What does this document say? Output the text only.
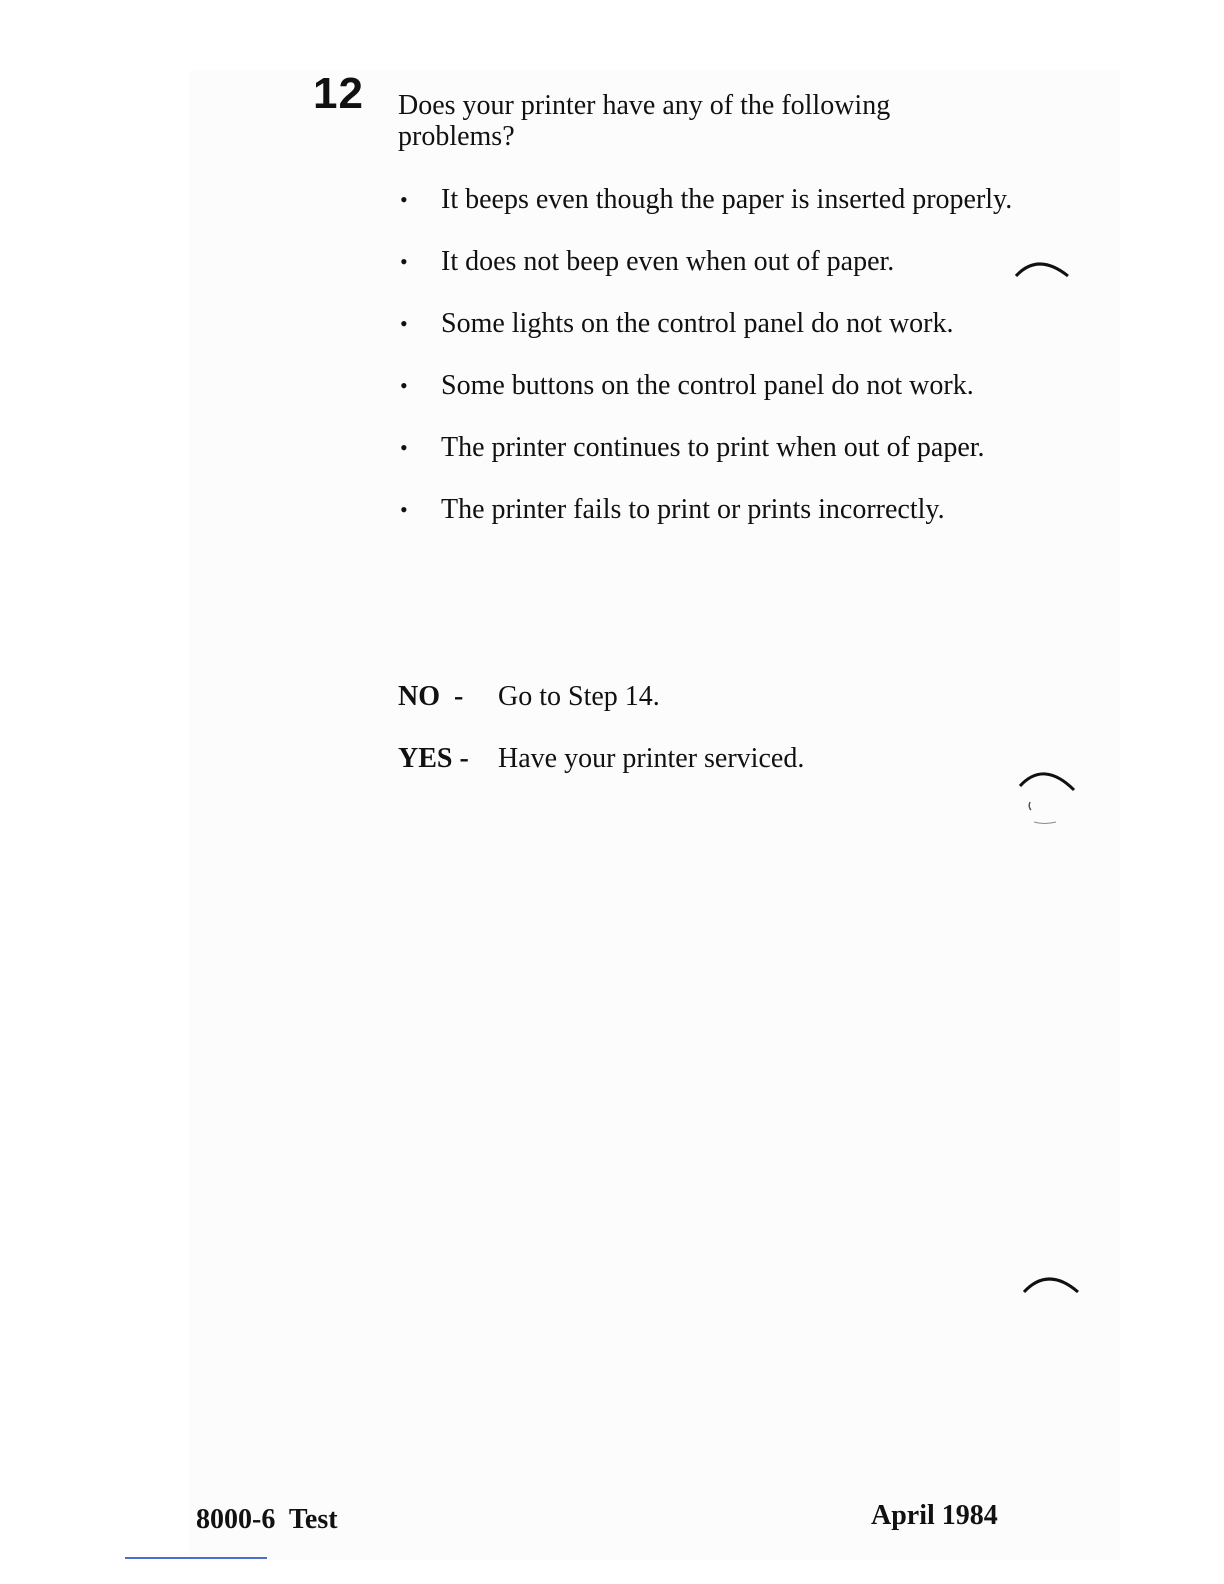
12 Does your printer have any of the following problems?
• It beeps even though the paper is inserted properly.
• It does not beep even when out of paper.
• Some lights on the control panel do not work.
• Some buttons on the control panel do not work.
• The printer continues to print when out of paper.
• The printer fails to print or prints incorrectly.
NO  -	Go to Step 14.
YES -	Have your printer serviced.
8000-6  Test	April 1984
